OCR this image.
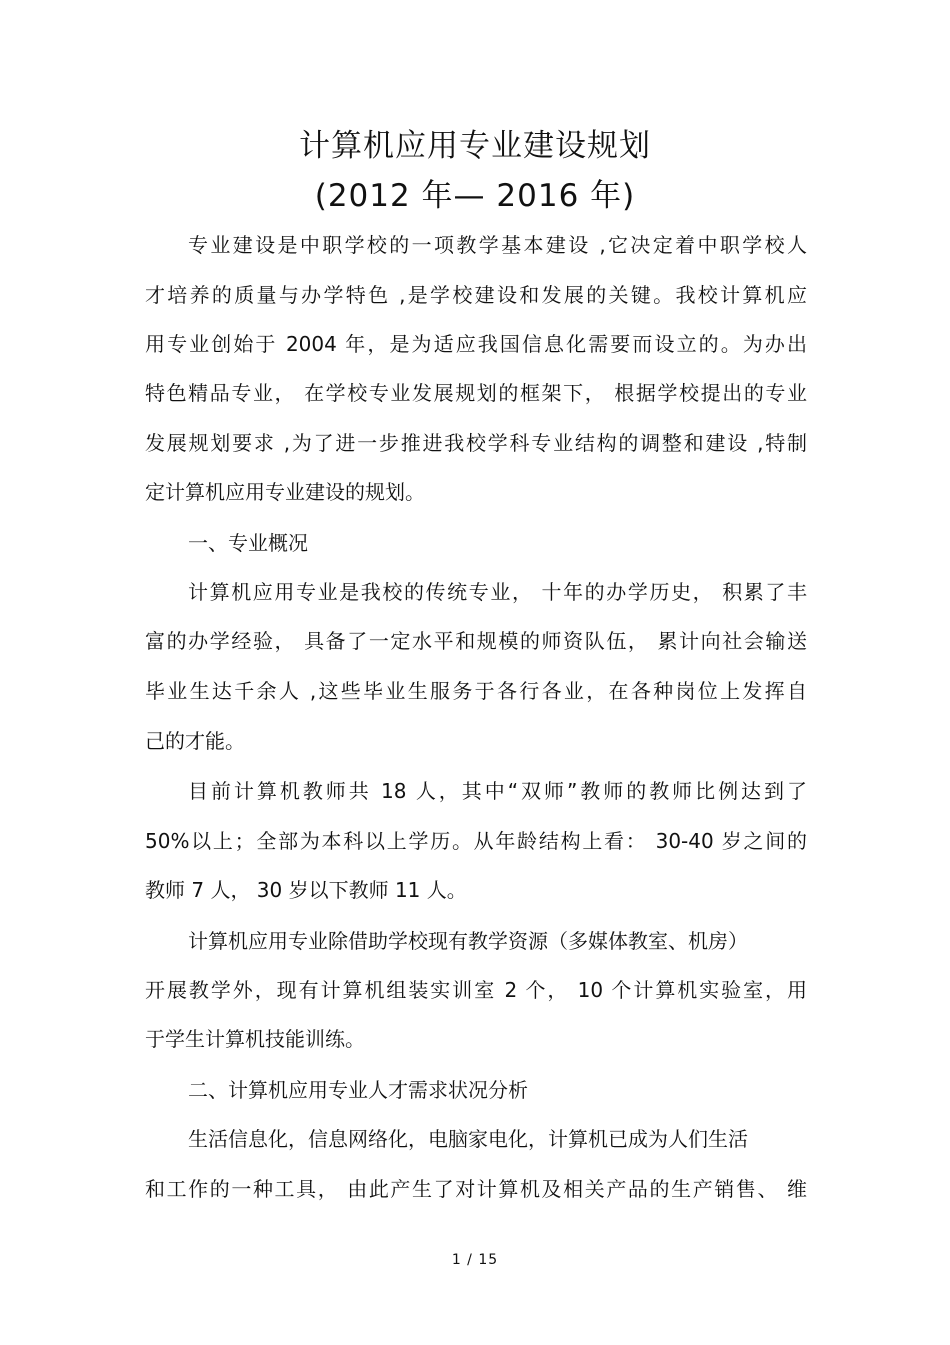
计算机应用专业建设规划
(2012 年— 2016 年)
专业建设是中职学校的一项教学基本建设 ,它决定着中职学校人
才培养的质量与办学特色 ,是学校建设和发展的关键。我校计算机应
用专业创始于 2004 年，是为适应我国信息化需要而设立的。为办出
特色精品专业， 在学校专业发展规划的框架下， 根据学校提出的专业
发展规划要求 ,为了进一步推进我校学科专业结构的调整和建设 ,特制
定计算机应用专业建设的规划。
一、专业概况
计算机应用专业是我校的传统专业， 十年的办学历史， 积累了丰
富的办学经验， 具备了一定水平和规模的师资队伍， 累计向社会输送
毕业生达千余人 ,这些毕业生服务于各行各业，在各种岗位上发挥自
己的才能。
目前计算机教师共 18 人，其中“双师”教师的教师比例达到了
50%以上；全部为本科以上学历。从年龄结构上看： 30-40 岁之间的
教师 7 人， 30 岁以下教师 11 人。
计算机应用专业除借助学校现有教学资源（多媒体教室、机房）
开展教学外，现有计算机组装实训室 2 个， 10 个计算机实验室，用
于学生计算机技能训练。
二、计算机应用专业人才需求状况分析
生活信息化，信息网络化，电脑家电化，计算机已成为人们生活
和工作的一种工具， 由此产生了对计算机及相关产品的生产销售、 维
1 / 15
